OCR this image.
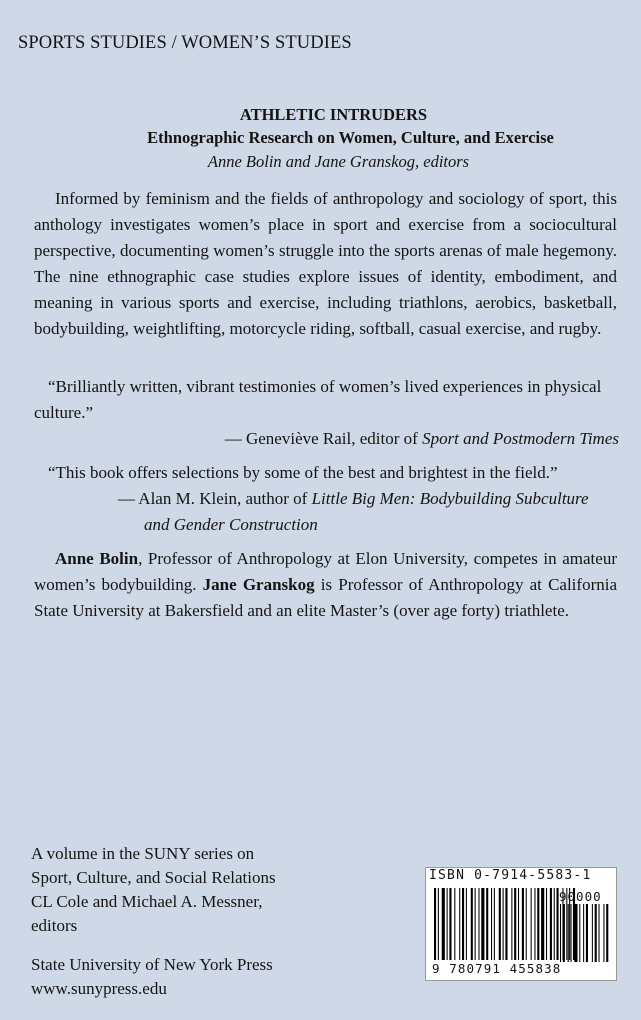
SPORTS STUDIES / WOMEN’S STUDIES
ATHLETIC INTRUDERS
Ethnographic Research on Women, Culture, and Exercise
Anne Bolin and Jane Granskog, editors
Informed by feminism and the fields of anthropology and sociology of sport, this anthology investigates women’s place in sport and exercise from a sociocultural perspective, documenting women’s struggle into the sports arenas of male hegemony. The nine ethnographic case studies explore issues of identity, embodiment, and meaning in various sports and exercise, including triathlons, aerobics, basketball, bodybuilding, weightlifting, motorcycle riding, softball, casual exercise, and rugby.

“Brilliantly written, vibrant testimonies of women’s lived experiences in physical culture.”

— Geneviève Rail, editor of Sport and Postmodern Times

“This book offers selections by some of the best and brightest in the field.”

— Alan M. Klein, author of Little Big Men: Bodybuilding Subculture
and Gender Construction
Anne Bolin, Professor of Anthropology at Elon University, competes in amateur women’s bodybuilding. Jane Granskog is Professor of Anthropology at California State University at Bakersfield and an elite Master’s (over age forty) triathlete.
A volume in the SUNY series on
Sport, Culture, and Social Relations
CL Cole and Michael A. Messner,
editors
State University of New York Press
www.sunypress.edu
ISBN 0-7914-5583-1
90000
9 780791 455838
